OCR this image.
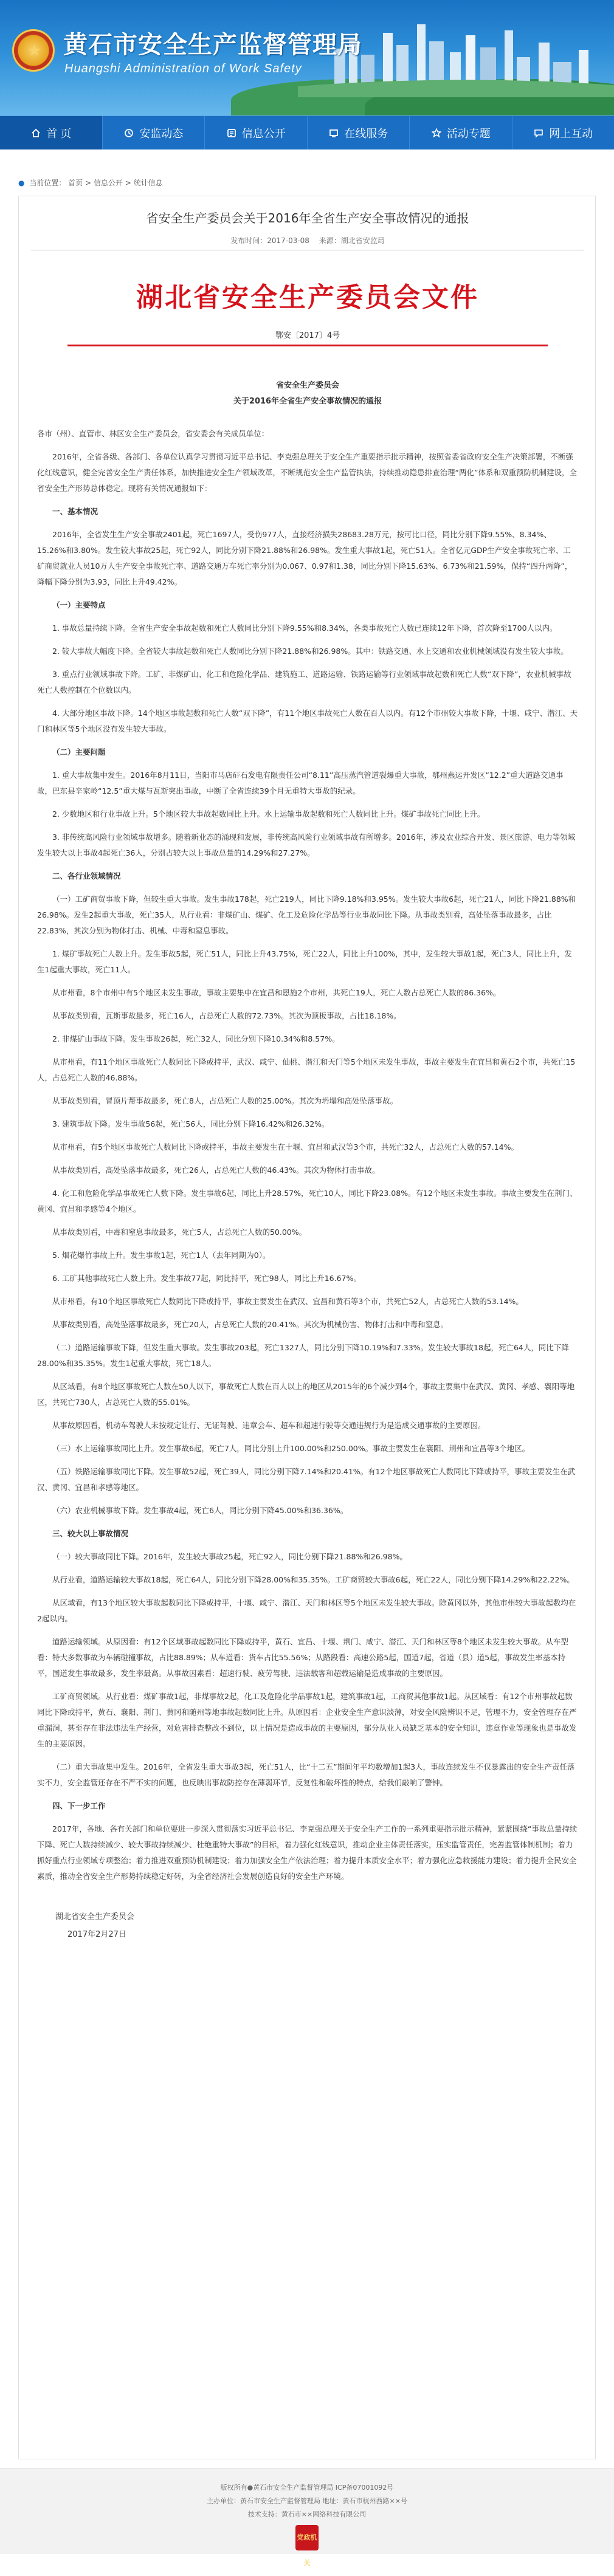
★ 黄石市安全生产监督管理局
Huangshi Administration of Work Safety
首 页	安监动态	信息公开	在线服务	活动专题	网上互动
● 当前位置： 首页 > 信息公开 > 统计信息
省安全生产委员会关于2016年全省生产安全事故情况的通报
发布时间：2017-03-08 来源：湖北省安监局
湖北省安全生产委员会文件
鄂安〔2017〕4号
省安全生产委员会
关于2016年全省生产安全事故情况的通报

各市（州）、直管市、林区安全生产委员会，省安委会有关成员单位：

2016年，全省各级、各部门、各单位认真学习贯彻习近平总书记、李克强总理关于安全生产重要指示批示精神，按照省委省政府安全生产决策部署，不断强化红线意识，健全完善安全生产责任体系，加快推进安全生产领域改革，不断规范安全生产监管执法，持续推动隐患排查治理“两化”体系和双重预防机制建设，全省安全生产形势总体稳定。现将有关情况通报如下：

一、基本情况

2016年，全省发生生产安全事故2401起，死亡1697人，受伤977人，直接经济损失28683.28万元，按可比口径，同比分别下降9.55%、8.34%、15.26%和3.80%。发生较大事故25起，死亡92人，同比分别下降21.88%和26.98%。发生重大事故1起，死亡51人。全省亿元GDP生产安全事故死亡率、工矿商贸就业人员10万人生产安全事故死亡率、道路交通万车死亡率分别为0.067、0.97和1.38，同比分别下降15.63%、6.73%和21.59%，保持“四升两降”，降幅下降分别为3.93，同比上升49.42%。

（一）主要特点

1. 事故总量持续下降。全省生产安全事故起数和死亡人数同比分别下降9.55%和8.34%，各类事故死亡人数已连续12年下降，首次降至1700人以内。

2. 较大事故大幅度下降。全省较大事故起数和死亡人数同比分别下降21.88%和26.98%。其中：铁路交通、水上交通和农业机械领域没有发生较大事故。

3. 重点行业领域事故下降。工矿、非煤矿山、化工和危险化学品、建筑施工、道路运输、铁路运输等行业领域事故起数和死亡人数“双下降”，农业机械事故死亡人数控制在个位数以内。

4. 大部分地区事故下降。14个地区事故起数和死亡人数“双下降”，有11个地区事故死亡人数在百人以内。有12个市州较大事故下降，十堰、咸宁、潜江、天门和林区等5个地区没有发生较大事故。

（二）主要问题

1. 重大事故集中发生。2016年8月11日，当阳市马店矸石发电有限责任公司“8.11”高压蒸汽管道裂爆重大事故，鄂州燕运开发区“12.2”重大道路交通事故，巴东县辛家岭“12.5”重大煤与瓦斯突出事故，中断了全省连续39个月无重特大事故的纪录。

2. 少数地区和行业事故上升。5个地区较大事故起数同比上升。水上运输事故起数和死亡人数同比上升。煤矿事故死亡同比上升。

3. 非传统高风险行业领域事故增多。随着新业态的涌现和发展，非传统高风险行业领域事故有所增多。2016年，涉及农业综合开发、景区旅游、电力等领域发生较大以上事故4起死亡36人，分别占较大以上事故总量的14.29%和27.27%。

二、各行业领域情况

（一）工矿商贸事故下降，但较生重大事故。发生事故178起，死亡219人，同比下降9.18%和3.95%。发生较大事故6起，死亡21人，同比下降21.88%和26.98%。发生2起重大事故，死亡35人，从行业看：非煤矿山、煤矿、化工及危险化学品等行业事故同比下降。从事故类别看，高处坠落事故最多，占比22.83%，其次分别为物体打击、机械、中毒和窒息事故。

1. 煤矿事故死亡人数上升。发生事故5起，死亡51人，同比上升43.75%，死亡22人，同比上升100%，其中，发生较大事故1起，死亡3人，同比上升，发生1起重大事故，死亡11人。

从市州看，8个市州中有5个地区未发生事故，事故主要集中在宜昌和恩施2个市州，共死亡19人，死亡人数占总死亡人数的86.36%。

从事故类别看，瓦斯事故最多，死亡16人，占总死亡人数的72.73%。其次为顶板事故，占比18.18%。

2. 非煤矿山事故下降。发生事故26起，死亡32人，同比分别下降10.34%和8.57%。

从市州看，有11个地区事故死亡人数同比下降或持平，武汉、咸宁、仙桃、潜江和天门等5个地区未发生事故，事故主要发生在宜昌和黄石2个市，共死亡15人，占总死亡人数的46.88%。

从事故类别看，冒顶片帮事故最多，死亡8人，占总死亡人数的25.00%。其次为坍塌和高处坠落事故。

3. 建筑事故下降。发生事故56起，死亡56人，同比分别下降16.42%和26.32%。

从市州看，有5个地区事故死亡人数同比下降或持平，事故主要发生在十堰、宜昌和武汉等3个市，共死亡32人，占总死亡人数的57.14%。

从事故类别看，高处坠落事故最多，死亡26人，占总死亡人数的46.43%。其次为物体打击事故。

4. 化工和危险化学品事故死亡人数下降。发生事故6起，同比上升28.57%，死亡10人，同比下降23.08%。有12个地区未发生事故。事故主要发生在荆门、黄冈、宜昌和孝感等4个地区。

从事故类别看，中毒和窒息事故最多，死亡5人，占总死亡人数的50.00%。

5. 烟花爆竹事故上升。发生事故1起，死亡1人（去年同期为0）。

6. 工矿其他事故死亡人数上升。发生事故77起，同比持平，死亡98人，同比上升16.67%。

从市州看，有10个地区事故死亡人数同比下降或持平，事故主要发生在武汉、宜昌和黄石等3个市，共死亡52人，占总死亡人数的53.14%。

从事故类别看，高处坠落事故最多，死亡20人，占总死亡人数的20.41%。其次为机械伤害、物体打击和中毒和窒息。

（二）道路运输事故下降，但发生重大事故。发生事故203起，死亡1327人，同比分别下降10.19%和7.33%。发生较大事故18起，死亡64人，同比下降28.00%和35.35%。发生1起重大事故，死亡18人。

从区域看，有8个地区事故死亡人数在50人以下，事故死亡人数在百人以上的地区从2015年的6个减少到4个，事故主要集中在武汉、黄冈、孝感、襄阳等地区，共死亡730人，占总死亡人数的55.01%。

从事故原因看，机动车驾驶人未按规定让行、无证驾驶、违章会车、超车和超速行驶等交通违规行为是造成交通事故的主要原因。

（三）水上运输事故同比上升。发生事故6起，死亡7人，同比分别上升100.00%和250.00%。事故主要发生在襄阳、荆州和宜昌等3个地区。

（五）铁路运输事故同比下降。发生事故52起，死亡39人，同比分别下降7.14%和20.41%。有12个地区事故死亡人数同比下降或持平，事故主要发生在武汉、黄冈、宜昌和孝感等地区。

（六）农业机械事故下降。发生事故4起，死亡6人，同比分别下降45.00%和36.36%。

三、较大以上事故情况

（一）较大事故同比下降。2016年，发生较大事故25起，死亡92人，同比分别下降21.88%和26.98%。

从行业看，道路运输较大事故18起，死亡64人，同比分别下降28.00%和35.35%。工矿商贸较大事故6起，死亡22人，同比分别下降14.29%和22.22%。

从区域看，有13个地区较大事故起数同比下降或持平，十堰、咸宁、潜江、天门和林区等5个地区未发生较大事故。除黄冈以外，其他市州较大事故起数均在2起以内。

道路运输领域。从原因看：有12个区域事故起数同比下降或持平，黄石、宜昌、十堰、荆门、咸宁、潜江、天门和林区等8个地区未发生较大事故。从车型看：特大多数事故为车辆碰撞事故，占比88.89%；从车道看：货车占比55.56%；从路段看：高速公路5起，国道7起，省道（县）道5起，事故发生率基本持平，国道发生事故最多，发生率最高。从事故因素看：超速行驶、疲劳驾驶、违法载客和超载运输是造成事故的主要原因。

工矿商贸领域。从行业看：煤矿事故1起，非煤事故2起，化工及危险化学品事故1起，建筑事故1起，工商贸其他事故1起。从区域看：有12个市州事故起数同比下降或持平，黄石、襄阳、荆门、黄冈和随州等地事故起数同比上升。从原因看：企业安全生产意识淡薄，对安全风险辨识不足，管理不力，安全管理存在严重漏洞，甚至存在非法违法生产经营，对危害排查整改不到位，以上情况是造成事故的主要原因，部分从业人员缺乏基本的安全知识，违章作业等现象也是事故发生的主要原因。

（二）重大事故集中发生。2016年，全省发生重大事故3起，死亡51人，比“十二五”期间年平均数增加1起3人，事故连续发生不仅暴露出的安全生产责任落实不力，安全监管还存在不严不实的问题，也反映出事故防控存在薄弱环节，反复性和破坏性的特点，给我们敲响了警钟。

四、下一步工作

2017年，各地、各有关部门和单位要进一步深入贯彻落实习近平总书记、李克强总理关于安全生产工作的一系列重要指示批示精神，紧紧围绕“事故总量持续下降、死亡人数持续减少、较大事故持续减少、杜绝重特大事故”的目标，着力强化红线意识，推动企业主体责任落实，压实监管责任，完善监管体制机制；着力抓好重点行业领域专项整治；着力推进双重预防机制建设；着力加强安全生产依法治理；着力提升本质安全水平；着力强化应急救援能力建设；着力提升全民安全素质，推动全省安全生产形势持续稳定好转，为全省经济社会发展创造良好的安全生产环境。

湖北省安全生产委员会
2017年2月27日
版权所有●黄石市安全生产监督管理局 ICP备07001092号
主办单位：黄石市安全生产监督管理局 地址：黄石市杭州西路××号
技术支持：黄石市××网络科技有限公司
党政机关
